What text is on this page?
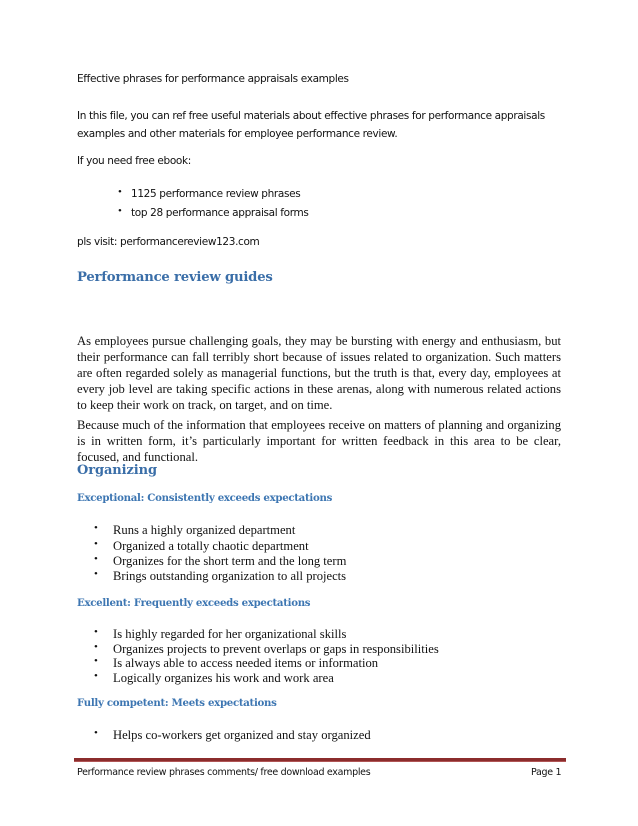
Effective phrases for performance appraisals examples
In this file, you can ref free useful materials about effective phrases for performance appraisals
examples and other materials for employee performance review.
If you need free ebook:
• 1125 performance review phrases
• top 28 performance appraisal forms
pls visit: performancereview123.com
Performance review guides

As employees pursue challenging goals, they may be bursting with energy and enthusiasm, but their performance can fall terribly short because of issues related to organization. Such matters are often regarded solely as managerial functions, but the truth is that, every day, employees at every job level are taking specific actions in these arenas, along with numerous related actions to keep their work on track, on target, and on time.

Because much of the information that employees receive on matters of planning and organizing is in written form, it’s particularly important for written feedback in this area to be clear, focused, and functional.

Organizing
Exceptional: Consistently exceeds expectations
• Runs a highly organized department
• Organized a totally chaotic department
• Organizes for the short term and the long term
• Brings outstanding organization to all projects
Excellent: Frequently exceeds expectations
• Is highly regarded for her organizational skills
• Organizes projects to prevent overlaps or gaps in responsibilities
• Is always able to access needed items or information
• Logically organizes his work and work area
Fully competent: Meets expectations
• Helps co-workers get organized and stay organized
Performance review phrases comments/ free download examples	Page 1
